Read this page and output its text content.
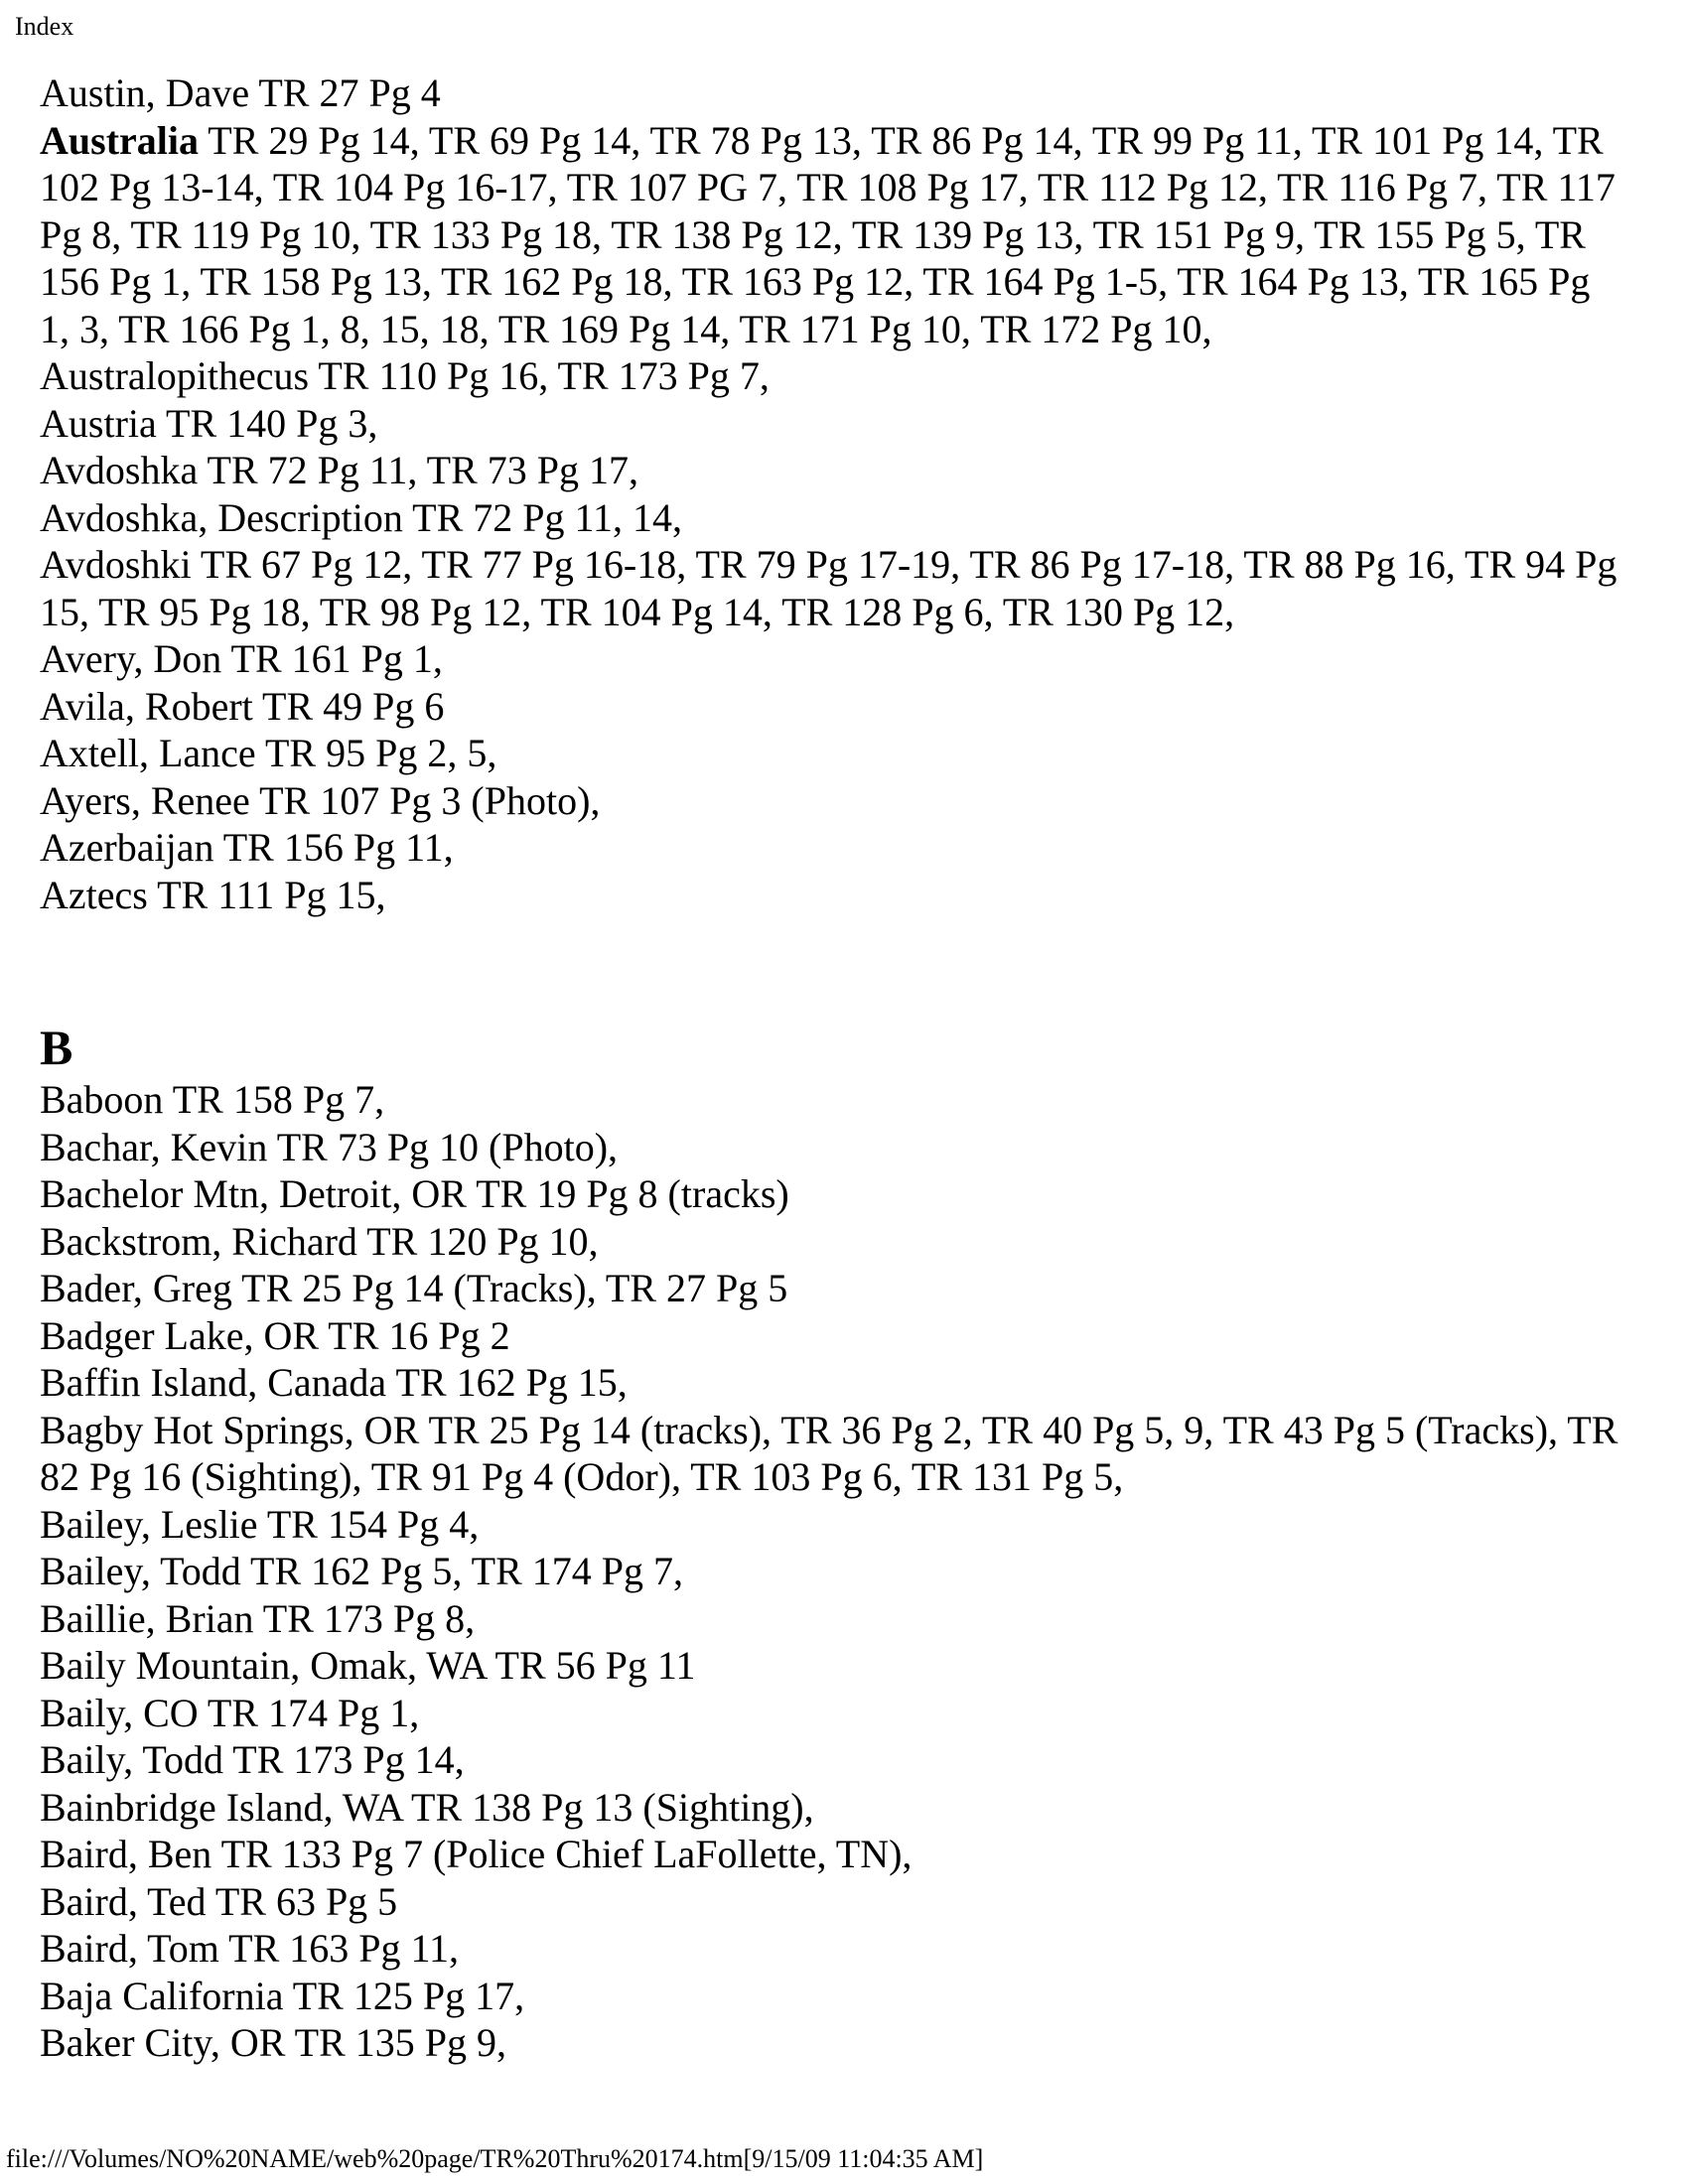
Index
Austin, Dave TR 27 Pg 4
Australia TR 29 Pg 14, TR 69 Pg 14, TR 78 Pg 13, TR 86 Pg 14, TR 99 Pg 11, TR 101 Pg 14, TR 102 Pg 13-14, TR 104 Pg 16-17, TR 107 PG 7, TR 108 Pg 17, TR 112 Pg 12, TR 116 Pg 7, TR 117 Pg 8, TR 119 Pg 10, TR 133 Pg 18, TR 138 Pg 12, TR 139 Pg 13, TR 151 Pg 9, TR 155 Pg 5, TR 156 Pg 1, TR 158 Pg 13, TR 162 Pg 18, TR 163 Pg 12, TR 164 Pg 1-5, TR 164 Pg 13, TR 165 Pg 1, 3, TR 166 Pg 1, 8, 15, 18, TR 169 Pg 14, TR 171 Pg 10, TR 172 Pg 10,
Australopithecus TR 110 Pg 16, TR 173 Pg 7,
Austria TR 140 Pg 3,
Avdoshka TR 72 Pg 11, TR 73 Pg 17,
Avdoshka, Description TR 72 Pg 11, 14,
Avdoshki TR 67 Pg 12, TR 77 Pg 16-18, TR 79 Pg 17-19, TR 86 Pg 17-18, TR 88 Pg 16, TR 94 Pg 15, TR 95 Pg 18, TR 98 Pg 12, TR 104 Pg 14, TR 128 Pg 6, TR 130 Pg 12,
Avery, Don TR 161 Pg 1,
Avila, Robert TR 49 Pg 6
Axtell, Lance TR 95 Pg 2, 5,
Ayers, Renee TR 107 Pg 3 (Photo),
Azerbaijan TR 156 Pg 11,
Aztecs TR 111 Pg 15,
B
Baboon TR 158 Pg 7,
Bachar, Kevin TR 73 Pg 10 (Photo),
Bachelor Mtn, Detroit, OR TR 19 Pg 8 (tracks)
Backstrom, Richard TR 120 Pg 10,
Bader, Greg TR 25 Pg 14 (Tracks), TR 27 Pg 5
Badger Lake, OR TR 16 Pg 2
Baffin Island, Canada TR 162 Pg 15,
Bagby Hot Springs, OR TR 25 Pg 14 (tracks), TR 36 Pg 2, TR 40 Pg 5, 9, TR 43 Pg 5 (Tracks), TR 82 Pg 16 (Sighting), TR 91 Pg 4 (Odor), TR 103 Pg 6, TR 131 Pg 5,
Bailey, Leslie TR 154 Pg 4,
Bailey, Todd TR 162 Pg 5, TR 174 Pg 7,
Baillie, Brian TR 173 Pg 8,
Baily Mountain, Omak, WA TR 56 Pg 11
Baily, CO TR 174 Pg 1,
Baily, Todd TR 173 Pg 14,
Bainbridge Island, WA TR 138 Pg 13 (Sighting),
Baird, Ben TR 133 Pg 7 (Police Chief LaFollette, TN),
Baird, Ted TR 63 Pg 5
Baird, Tom TR 163 Pg 11,
Baja California TR 125 Pg 17,
Baker City, OR TR 135 Pg 9,
file:///Volumes/NO%20NAME/web%20page/TR%20Thru%20174.htm[9/15/09 11:04:35 AM]
